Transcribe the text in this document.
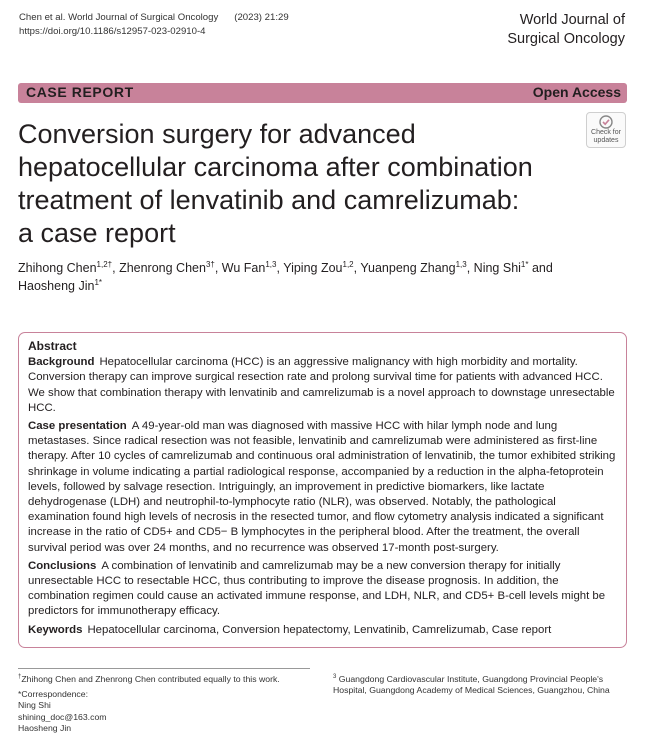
Chen et al. World Journal of Surgical Oncology (2023) 21:29
https://doi.org/10.1186/s12957-023-02910-4
World Journal of
Surgical Oncology
CASE REPORT	Open Access
Check for
updates
Conversion surgery for advanced
hepatocellular carcinoma after combination
treatment of lenvatinib and camrelizumab:
a case report
Zhihong Chen$^{1,2\dagger}$, Zhenrong Chen$^{3\dagger}$, Wu Fan$^{1,3}$, Yiping Zou$^{1,2}$, Yuanpeng Zhang$^{1,3}$, Ning Shi$^{1*}$ and
Haosheng Jin$^{1*}$
Abstract

Background Hepatocellular carcinoma (HCC) is an aggressive malignancy with high morbidity and mortality. Conversion therapy can improve surgical resection rate and prolong survival time for patients with advanced HCC. We show that combination therapy with lenvatinib and camrelizumab is a novel approach to downstage unresectable HCC.

Case presentation A 49-year-old man was diagnosed with massive HCC with hilar lymph node and lung metastases. Since radical resection was not feasible, lenvatinib and camrelizumab were administered as first-line therapy. After 10 cycles of camrelizumab and continuous oral administration of lenvatinib, the tumor exhibited striking shrinkage in volume indicating a partial radiological response, accompanied by a reduction in the alpha-fetoprotein levels, followed by salvage resection. Intriguingly, an improvement in predictive biomarkers, like lactate dehydrogenase (LDH) and neutrophil-to-lymphocyte ratio (NLR), was observed. Notably, the pathological examination found high levels of necrosis in the resected tumor, and flow cytometry analysis indicated a significant increase in the ratio of CD5+ and CD5− B lymphocytes in the peripheral blood. After the treatment, the overall survival period was over 24 months, and no recurrence was observed 17-month post-surgery.

Conclusions A combination of lenvatinib and camrelizumab may be a new conversion therapy for initially unresectable HCC to resectable HCC, thus contributing to improve the disease prognosis. In addition, the combination regimen could cause an activated immune response, and LDH, NLR, and CD5+ B-cell levels might be predictors for immunotherapy efficacy.

Keywords Hepatocellular carcinoma, Conversion hepatectomy, Lenvatinib, Camrelizumab, Case report

†Zhihong Chen and Zhenrong Chen contributed equally to this work.
*Correspondence:
Ning Shi
shining_doc@163.com
Haosheng Jin
$^3$ Guangdong Cardiovascular Institute, Guangdong Provincial People's Hospital, Guangdong Academy of Medical Sciences, Guangzhou, China
